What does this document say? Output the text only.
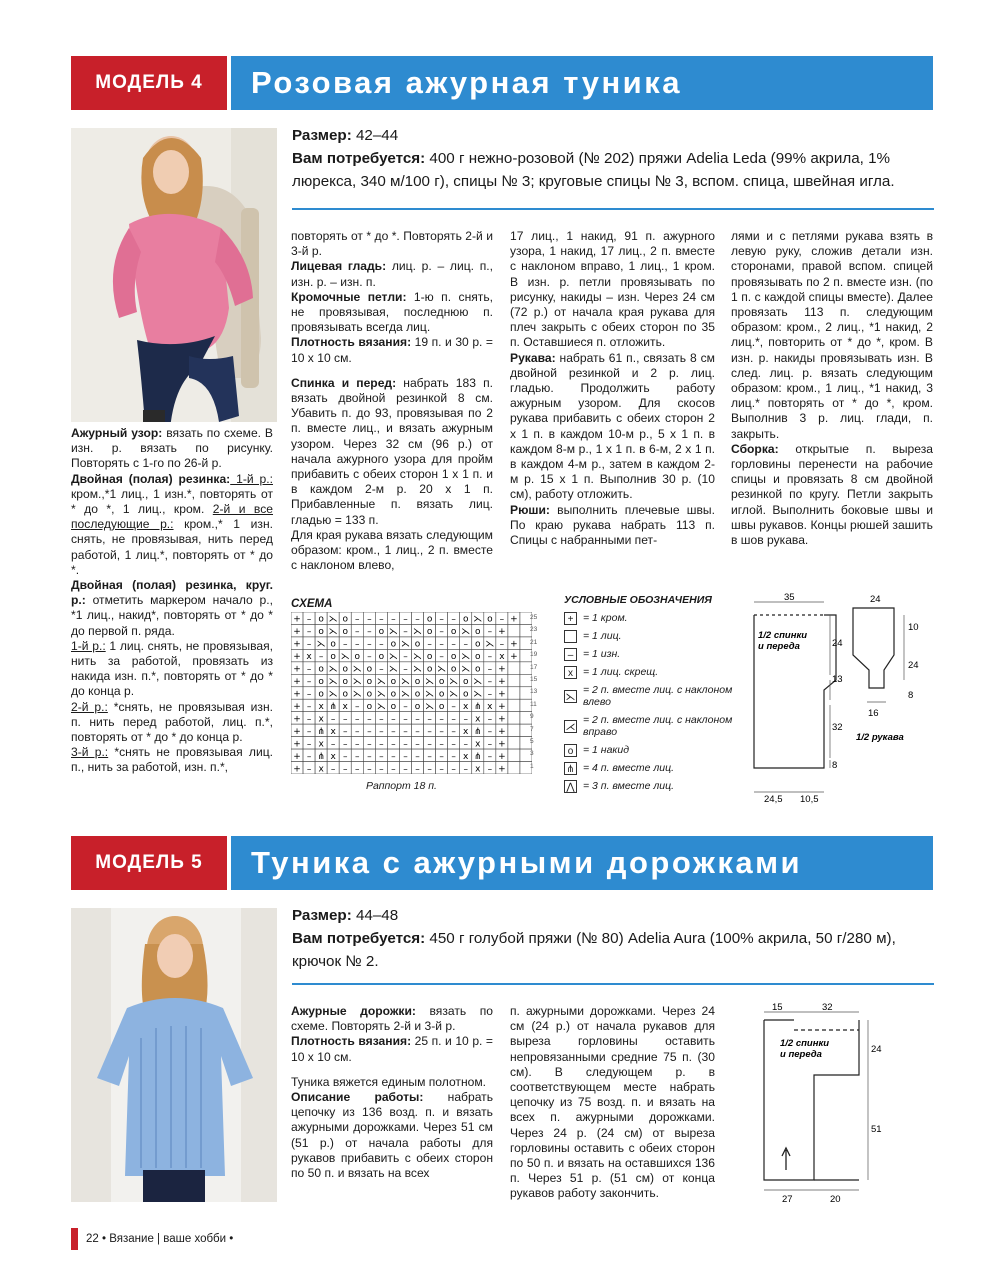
МОДЕЛЬ 4 Розовая ажурная туника
Размер: 42–44
Вам потребуется: 400 г нежно-розовой (№ 202) пряжи Adelia Leda (99% акрила, 1% люрекса, 340 м/100 г), спицы № 3; круговые спицы № 3, вспом. спица, швейная игла.

Ажурный узор: вязать по схеме. В изн. р. вязать по рисунку. Повторять с 1-го по 26-й р.

Двойная (полая) резинка: 1-й р.: кром.,*1 лиц., 1 изн.*, повторять от * до *, 1 лиц., кром. 2-й и все последующие р.: кром.,* 1 изн. снять, не провязывая, нить перед работой, 1 лиц.*, повторять от * до *.

Двойная (полая) резинка, круг. р.: отметить маркером начало р., *1 лиц., накид*, повторять от * до * до первой п. ряда.

1-й р.: 1 лиц. снять, не провязывая, нить за работой, провязать из накида изн. п.*, повторять от * до * до конца р.

2-й р.: *снять, не провязывая изн. п. нить перед работой, лиц. п.*, повторять от * до * до конца р.

3-й р.: *снять не провязывая лиц. п., нить за работой, изн. п.*,

повторять от * до *. Повторять 2-й и 3-й р.

Лицевая гладь: лиц. р. – лиц. п., изн. р. – изн. п.

Кромочные петли: 1-ю п. снять, не провязывая, последнюю п. провязывать всегда лиц.

Плотность вязания: 19 п. и 30 р. = 10 х 10 см.

Спинка и перед: набрать 183 п. вязать двойной резинкой 8 см. Убавить п. до 93, провязывая по 2 п. вместе лиц., и вязать ажурным узором. Через 32 см (96 р.) от начала ажурного узора для пройм прибавить с обеих сторон 1 х 1 п. и в каждом 2-м р. 20 х 1 п. Прибавленные п. вязать лиц. гладью = 133 п.

Для края рукава вязать следующим образом: кром., 1 лиц., 2 п. вместе с наклоном влево,

17 лиц., 1 накид, 91 п. ажурного узора, 1 накид, 17 лиц., 2 п. вместе с наклоном вправо, 1 лиц., 1 кром. В изн. р. петли провязывать по рисунку, накиды – изн. Через 24 см (72 р.) от начала края рукава для плеч закрыть с обеих сторон по 35 п. Оставшиеся п. отложить.

Рукава: набрать 61 п., связать 8 см двойной резинкой и 2 р. лиц. гладью. Продолжить работу ажурным узором. Для скосов рукава прибавить с обеих сторон 2 х 1 п. в каждом 10-м р., 5 х 1 п. в каждом 8-м р., 1 х 1 п. в 6-м, 2 х 1 п. в каждом 4-м р., затем в каждом 2-м р. 15 х 1 п. Выполнив 30 р. (10 см), работу отложить.

Рюши: выполнить плечевые швы. По краю рукава набрать 113 п. Спицы с набранными пет-

лями и с петлями рукава взять в левую руку, сложив детали изн. сторонами, правой вспом. спицей провязывать по 2 п. вместе изн. (по 1 п. с каждой спицы вместе). Далее провязать 113 п. следующим образом: кром., 2 лиц., *1 накид, 2 лиц.*, повторить от * до *, кром. В изн. р. накиды провязывать изн. В след. лиц. р. вязать следующим образом: кром., 1 лиц., *1 накид, 3 лиц.* повторять от * до *, кром. Выполнив 3 р. лиц. глади, п. закрыть.

Сборка: открытые п. выреза горловины перенести на рабочие спицы и провязать 8 см двойной резинкой по кругу. Петли закрыть иглой. Выполнить боковые швы и швы рукавов. Концы рюшей зашить в шов рукава.

СХЕМА
+ – o ⋋ o – – – – – – o – – o ⋋ o – +
+ – o ⋋ o – – o ⋋ – ⋋ o – o ⋋ o – +
+ – ⋋ o – – – – o ⋋ o – – – – o ⋋ – +
+ x – o ⋋ o – o ⋋ – ⋋ o – o ⋋ o – x +
+ – o ⋋ o ⋋ o – ⋋ – ⋋ o ⋋ o ⋋ o – +
+ – o ⋋ o ⋋ o ⋋ o ⋋ o ⋋ o ⋋ o ⋋ – +
+ – o ⋋ o ⋋ o ⋋ o ⋋ o ⋋ o ⋋ o ⋋ – +
+ – x ⋔ x – o ⋋ o – o ⋋ o – x ⋔ x +
+ – x – – – – – – – – – – – – x – +
+ – ⋔ x – – – – – – – – – – x ⋔ – +
+ – x – – – – – – – – – – – – x – +
+ – ⋔ x – – – – – – – – – – x ⋔ – +
+ – x – – – – – – – – – – – – x – +
25
23
21
19
17
15
13
11
9
7
5
3
1
Раппорт 18 п.
УСЛОВНЫЕ ОБОЗНАЧЕНИЯ
+ = 1 кром.
= 1 лиц.
– = 1 изн.
x = 1 лиц. скрещ.
⋋
= 2 п. вместе лиц. с наклоном влево
⋌
= 2 п. вместе лиц. с наклоном вправо
o = 1 накид
⋔ = 4 п. вместе лиц.
⋀ = 3 п. вместе лиц.
35
1/2 спинки и переда	24
13
32
8
24,5 10,5
24
10
24
8
16
1/2 рукава
МОДЕЛЬ 5 Туника с ажурными дорожками
Размер: 44–48
Вам потребуется: 450 г голубой пряжи (№ 80) Adelia Aura (100% акрила, 50 г/280 м), крючок № 2.

Ажурные дорожки: вязать по схеме. Повторять 2-й и 3-й р.

Плотность вязания: 25 п. и 10 р. = 10 х 10 см.

Туника вяжется единым полотном.

Описание работы: набрать цепочку из 136 возд. п. и вязать ажурными дорожками. Через 51 см (51 р.) от начала работы для рукавов прибавить с обеих сторон по 50 п. и вязать на всех

п. ажурными дорожками. Через 24 см (24 р.) от начала рукавов для выреза горловины оставить непровязанными средние 75 п. (30 см). В следующем р. в соответствующем месте набрать цепочку из 75 возд. п. и вязать на всех п. ажурными дорожками. Через 24 р. (24 см) от выреза горловины оставить с обеих сторон по 50 п. и вязать на оставшихся 136 п. Через 51 р. (51 см) от конца рукавов работу закончить.

15	32
1/2 спинки и переда	24
51
27	20
22 • Вязание | ваше хобби •
